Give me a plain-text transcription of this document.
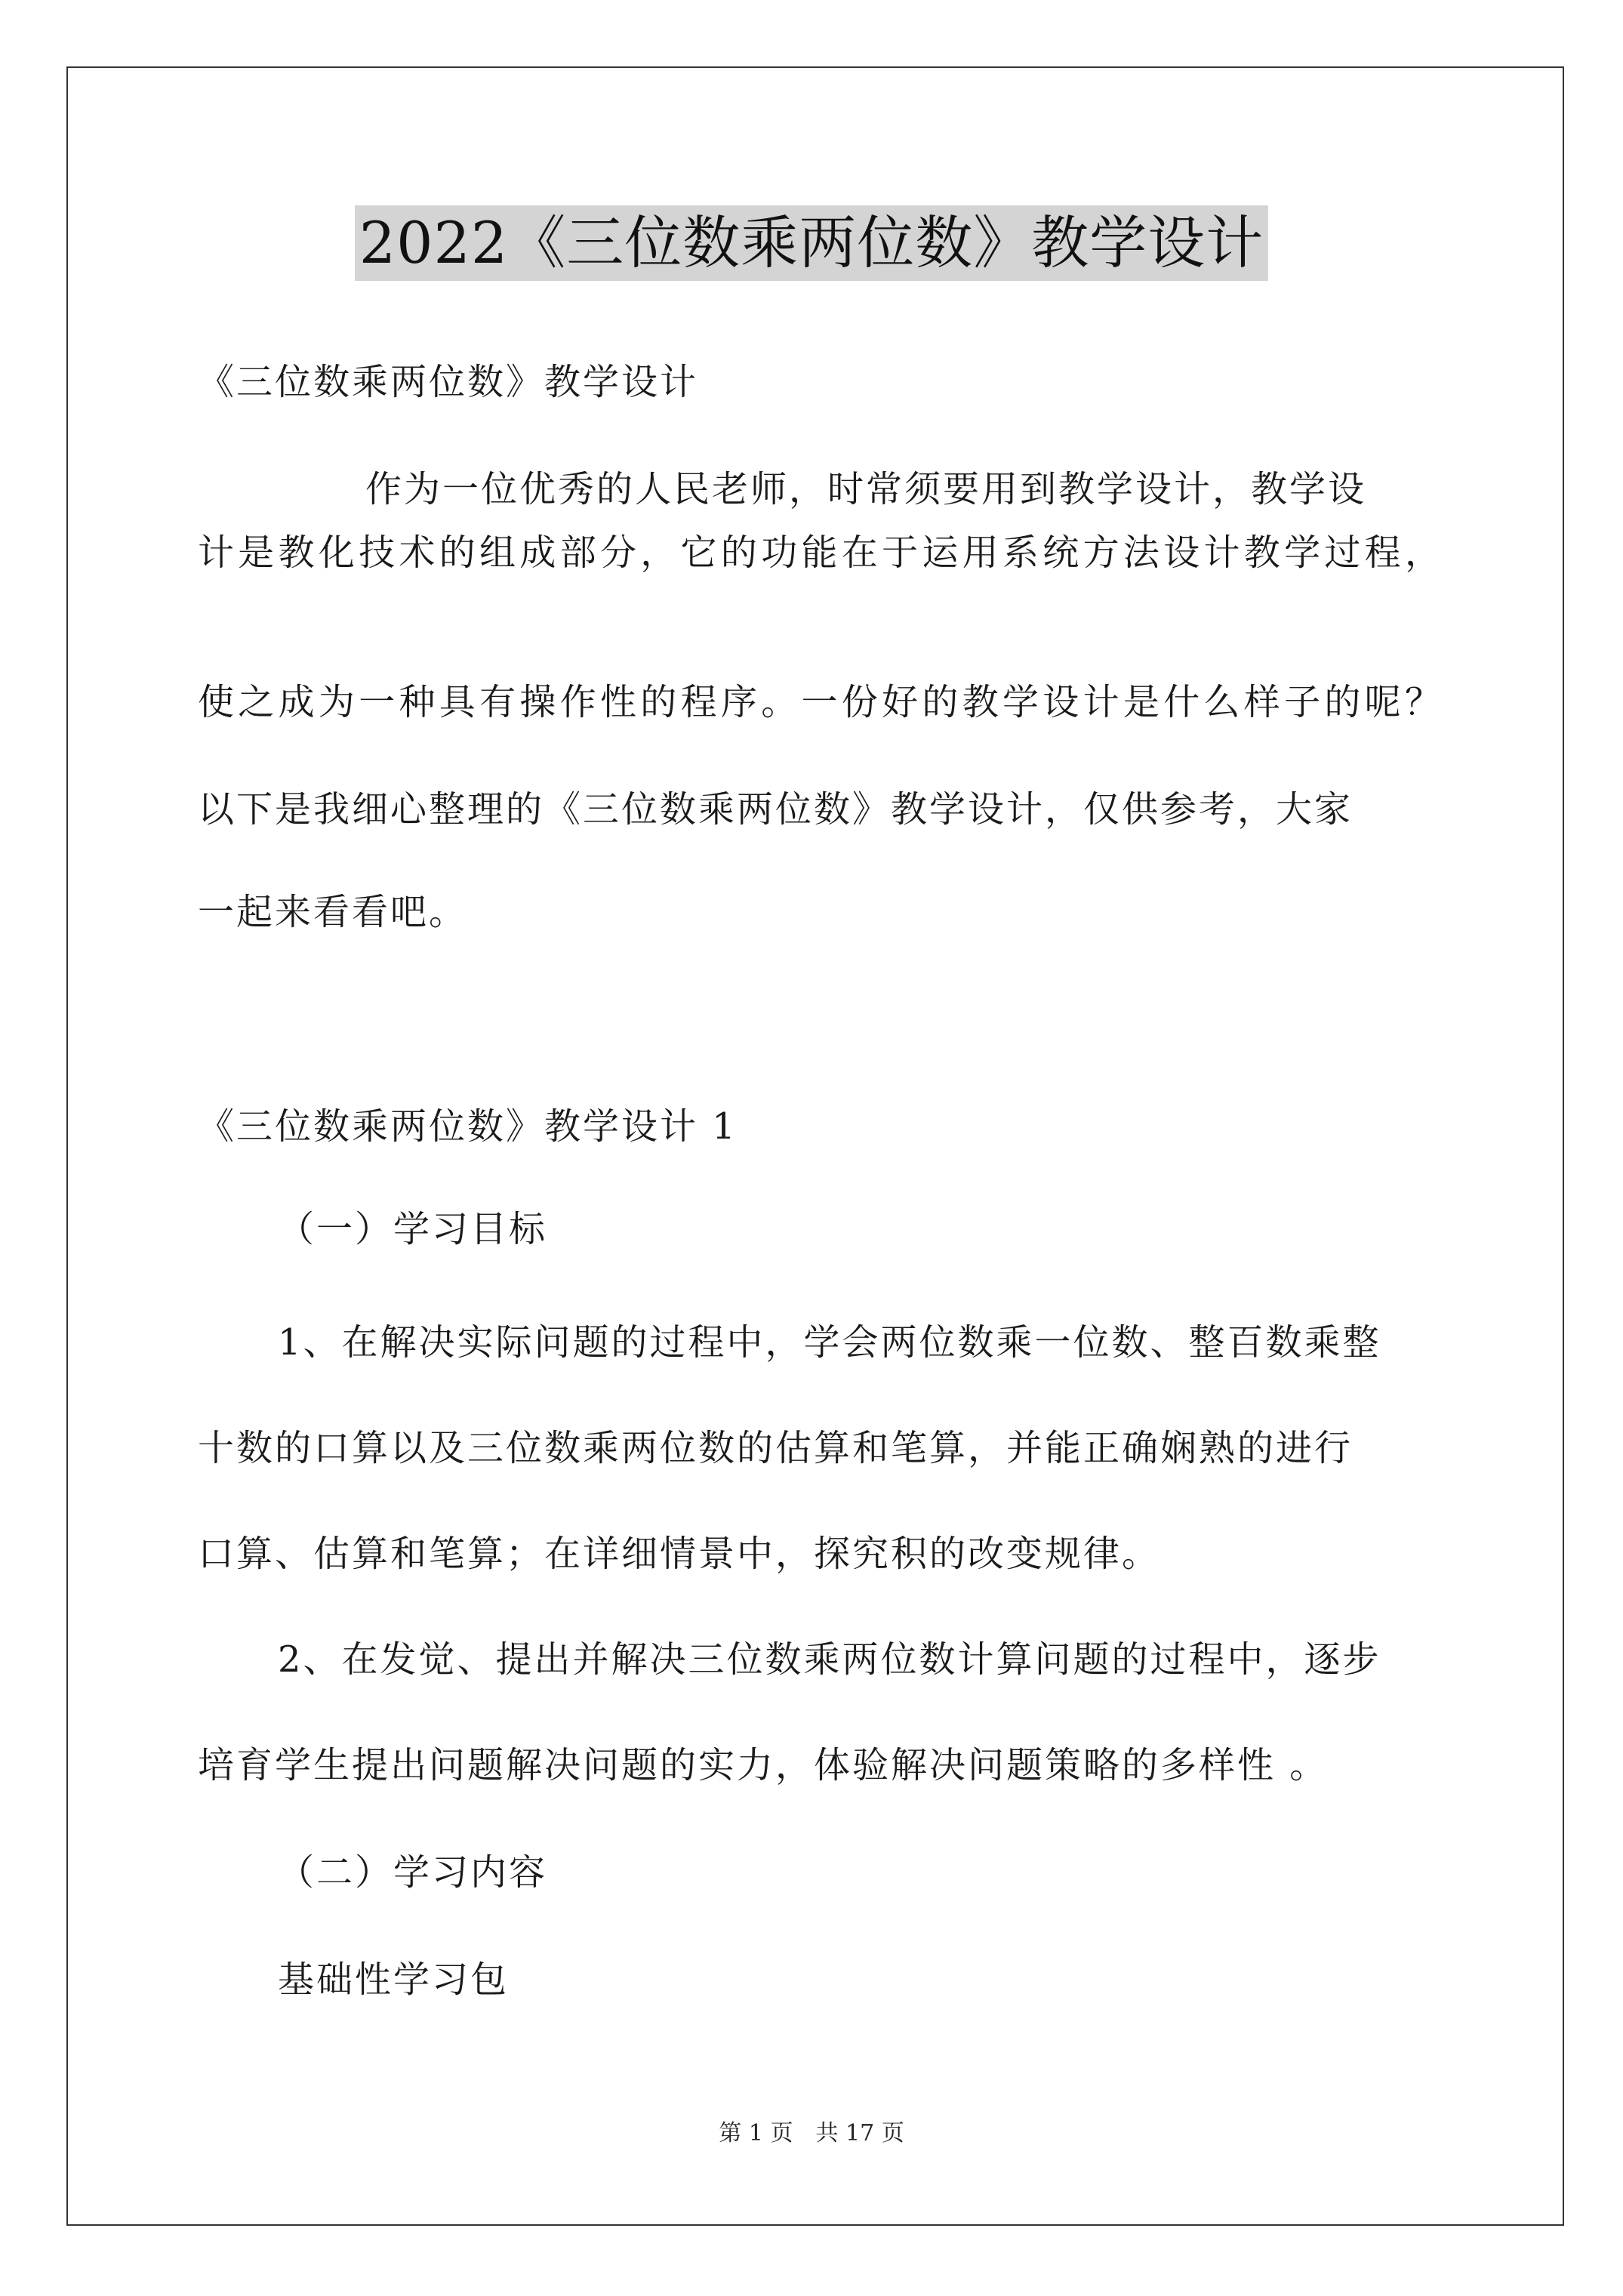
2022《三位数乘两位数》教学设计
《三位数乘两位数》教学设计
作为一位优秀的人民老师，时常须要用到教学设计，教学设
计是教化技术的组成部分，它的功能在于运用系统方法设计教学过程，
使之成为一种具有操作性的程序。一份好的教学设计是什么样子的呢？
以下是我细心整理的《三位数乘两位数》教学设计，仅供参考，大家
一起来看看吧。
《三位数乘两位数》教学设计 1
（一）学习目标
1、在解决实际问题的过程中，学会两位数乘一位数、整百数乘整
十数的口算以及三位数乘两位数的估算和笔算，并能正确娴熟的进行
口算、估算和笔算；在详细情景中，探究积的改变规律。
2、在发觉、提出并解决三位数乘两位数计算问题的过程中，逐步
培育学生提出问题解决问题的实力，体验解决问题策略的多样性 。
（二）学习内容
基础性学习包
第 1 页　共 17 页
